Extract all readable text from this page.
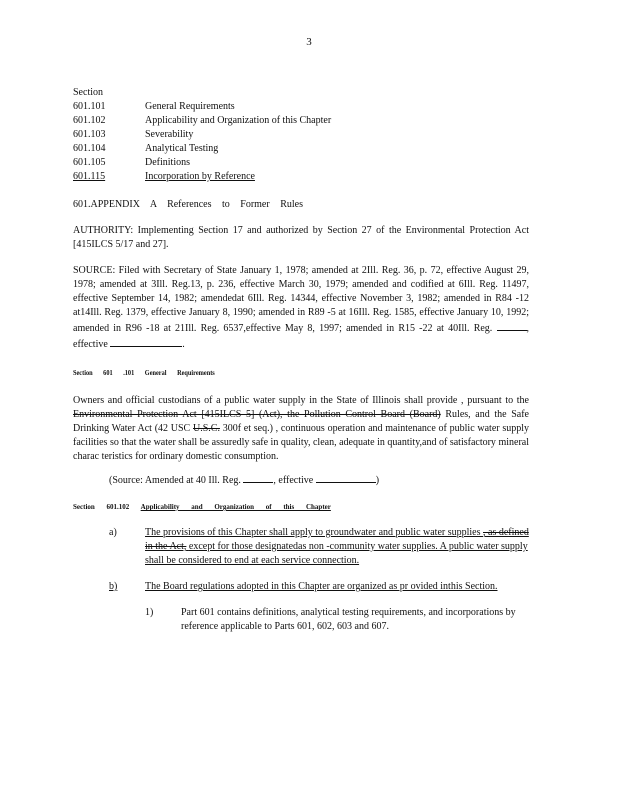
3
Section
601.101	General Requirements
601.102	Applicability and Organization of this Chapter
601.103	Severability
601.104	Analytical Testing
601.105	Definitions
601.115	Incorporation by Reference

601.APPENDIX A References to Former Rules

AUTHORITY: Implementing Section 17 and authorized by Section 27 of the Environmental Protection Act [415ILCS 5/17 and 27].

SOURCE: Filed with Secretary of State January 1, 1978; amended at 2Ill. Reg. 36, p. 72, effective August 29, 1978; amended at 3Ill. Reg.13, p. 236, effective March 30, 1979; amended and codified at 6Ill. Reg. 11497, effective September 14, 1982; amendedat 6Ill. Reg. 14344, effective November 3, 1982; amended in R84 -12 at14Ill. Reg. 1379, effective January 8, 1990; amended in R89 -5 at 16Ill. Reg. 1585, effective January 10, 1992; amended in R96 -18 at 21Ill. Reg. 6537,effective May 8, 1997; amended in R15 -22 at 40Ill. Reg.	, effective	.

Section 601 .101 General Requirements

Owners and official custodians of a public water supply in the State of Illinois shall provide , pursuant to the Environmental Protection Act [415ILCS 5] (Act), the Pollution Control Board (Board) Rules, and the Safe Drinking Water Act (42 USC U.S.C. 300f et seq.) , continuous operation and maintenance of public water supply facilities so that the water shall be assuredly safe in quality, clean, adequate in quantity,and of satisfactory mineral charac teristics for ordinary domestic consumption.

(Source: Amended at 40 Ill. Reg.	, effective	)

Section 601.102 Applicability and Organization of this Chapter
a)	The provisions of this Chapter shall apply to groundwater and public water supplies , as defined in the Act, except for those designatedas non -community water supplies. A public water supply shall be considered to end at each service connection.
b)	The Board regulations adopted in this Chapter are organized as pr ovided inthis Section.
1)	Part 601 contains definitions, analytical testing requirements, and incorporations by reference applicable to Parts 601, 602, 603 and 607.
